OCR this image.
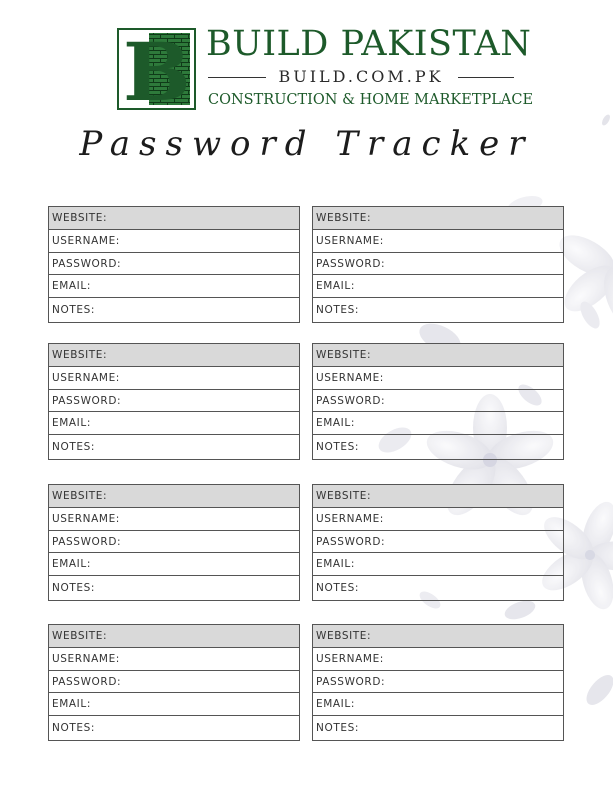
B BUILD PAKISTAN
BUILD.COM.PK
CONSTRUCTION & HOME MARKETPLACE
Password Tracker
WEBSITE:
USERNAME:
PASSWORD:
EMAIL:
NOTES:
WEBSITE:
USERNAME:
PASSWORD:
EMAIL:
NOTES:
WEBSITE:
USERNAME:
PASSWORD:
EMAIL:
NOTES:
WEBSITE:
USERNAME:
PASSWORD:
EMAIL:
NOTES:
WEBSITE:
USERNAME:
PASSWORD:
EMAIL:
NOTES:
WEBSITE:
USERNAME:
PASSWORD:
EMAIL:
NOTES:
WEBSITE:
USERNAME:
PASSWORD:
EMAIL:
NOTES:
WEBSITE:
USERNAME:
PASSWORD:
EMAIL:
NOTES:
